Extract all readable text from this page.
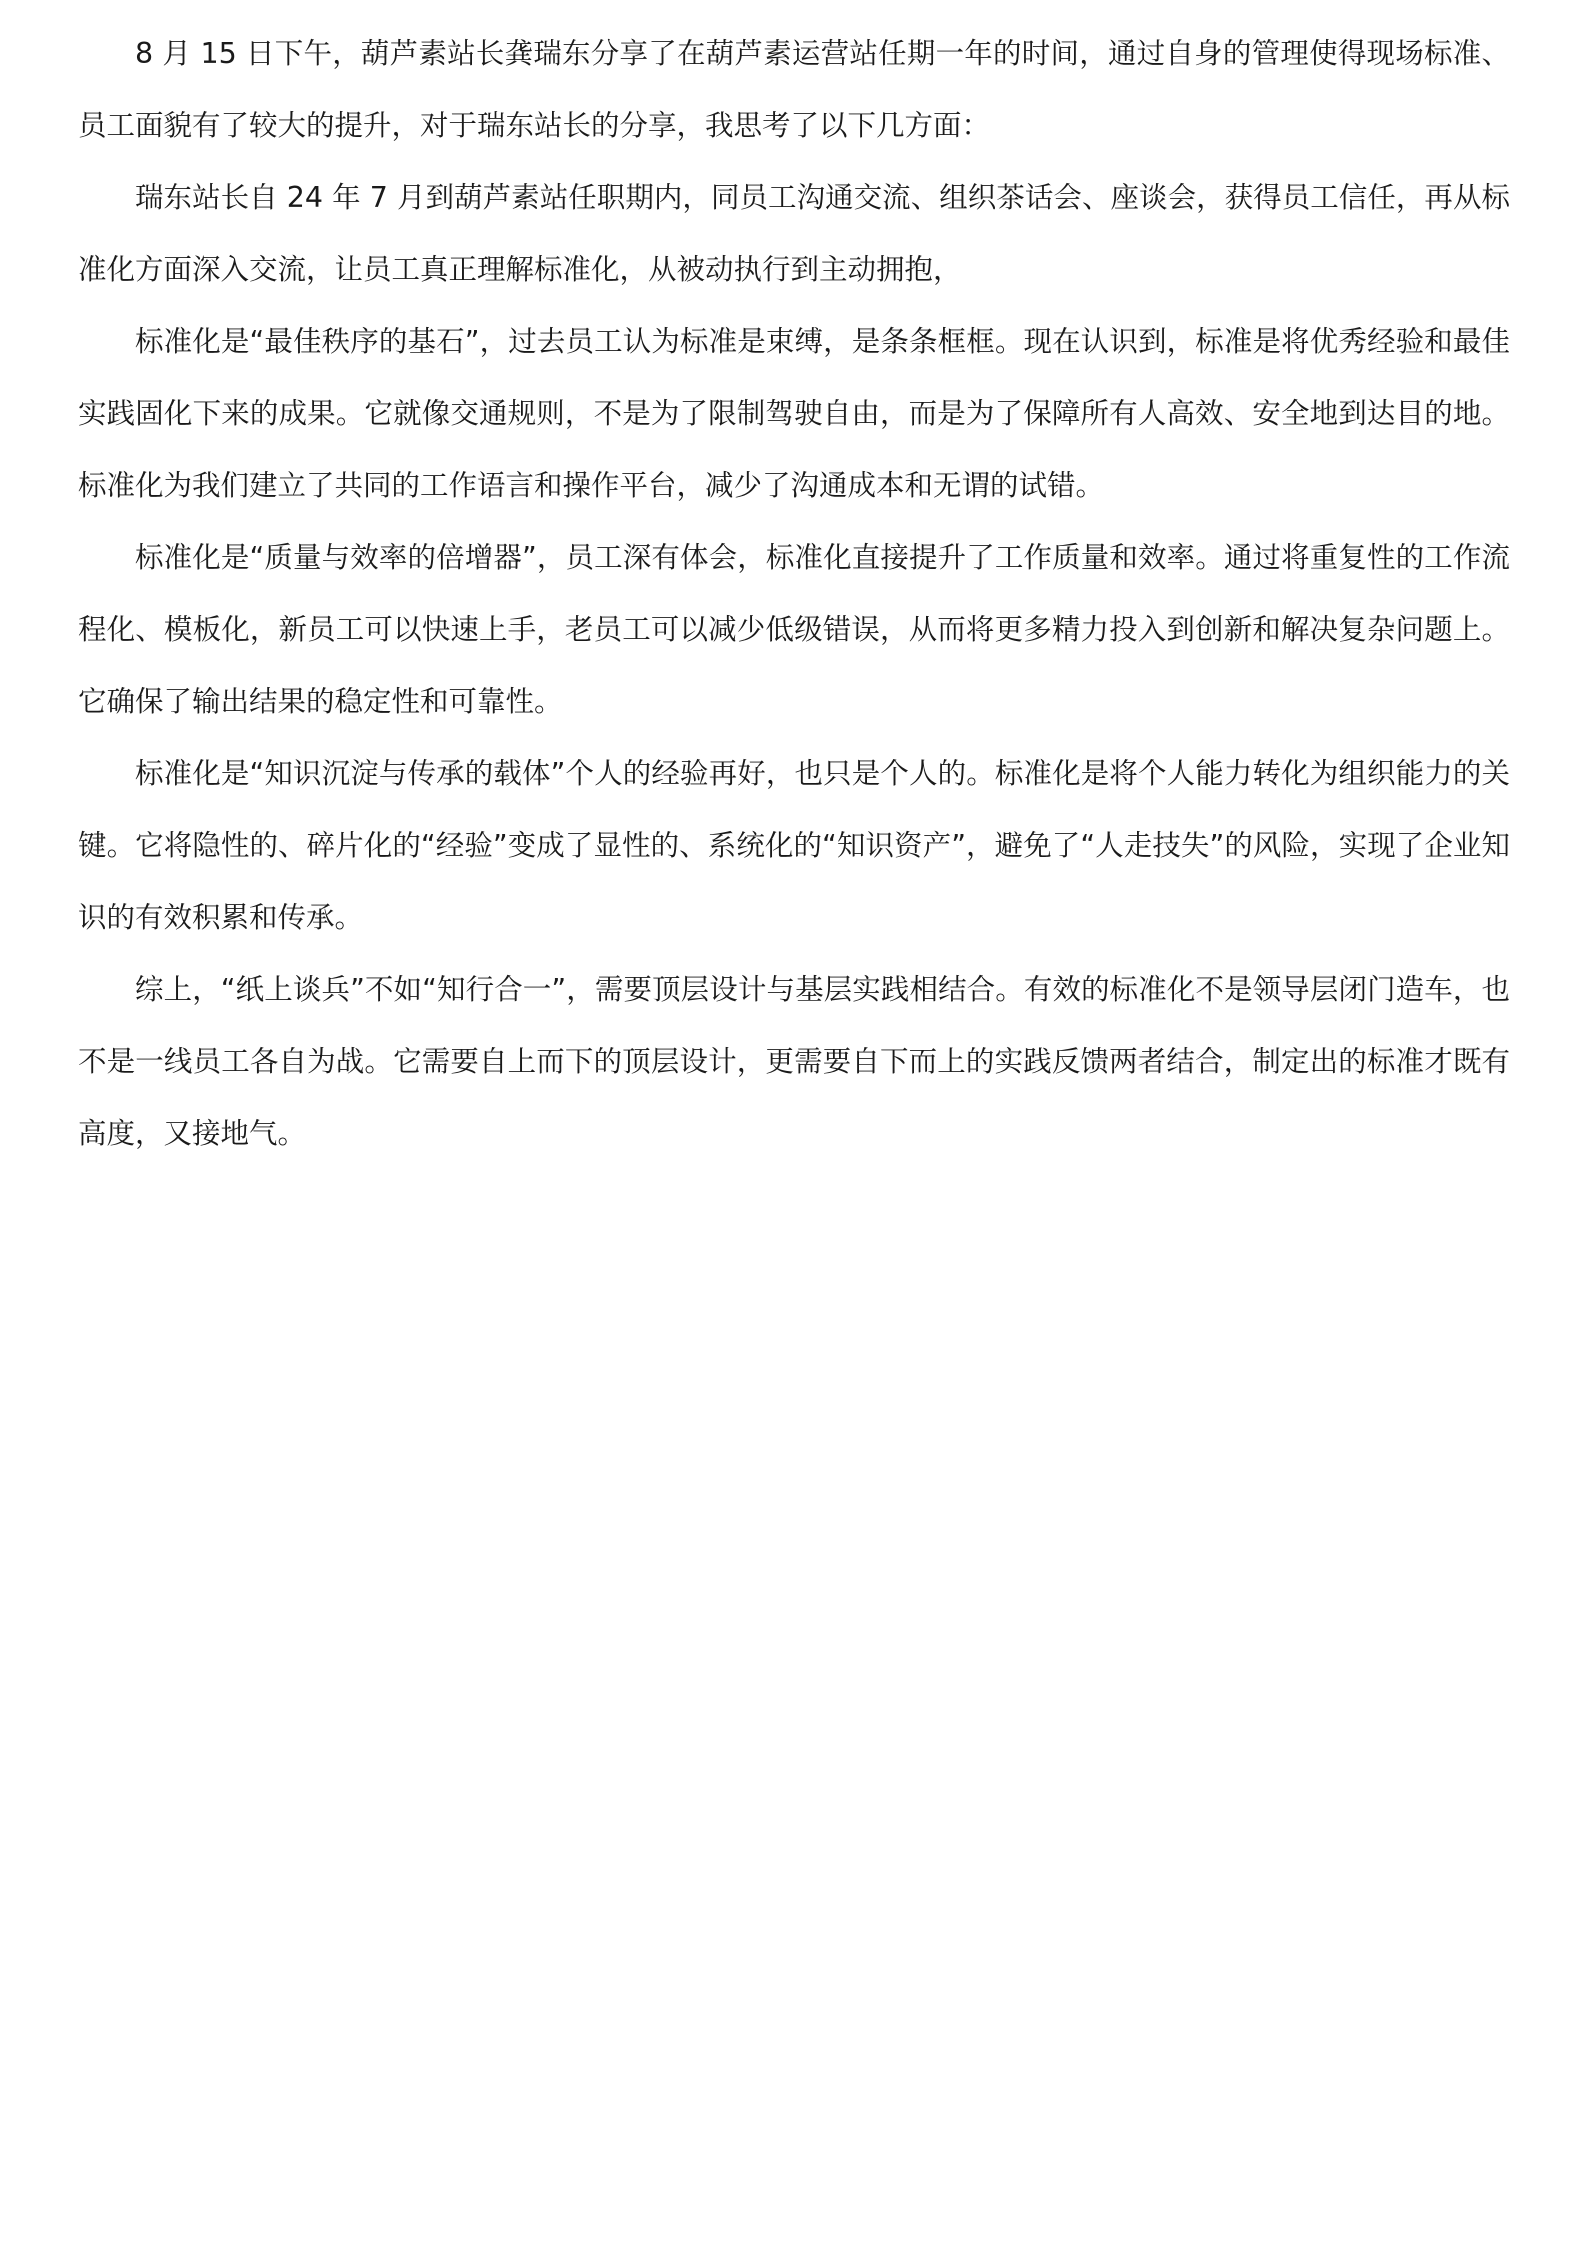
8 月 15 日下午，葫芦素站长龚瑞东分享了在葫芦素运营站任期一年的时间，通过自身的管理使得现场标准、员工面貌有了较大的提升，对于瑞东站长的分享，我思考了以下几方面：

瑞东站长自 24 年 7 月到葫芦素站任职期内，同员工沟通交流、组织茶话会、座谈会，获得员工信任，再从标准化方面深入交流，让员工真正理解标准化，从被动执行到主动拥抱，

标准化是“最佳秩序的基石”，过去员工认为标准是束缚，是条条框框。现在认识到，标准是将优秀经验和最佳实践固化下来的成果。它就像交通规则，不是为了限制驾驶自由，而是为了保障所有人高效、安全地到达目的地。标准化为我们建立了共同的工作语言和操作平台，减少了沟通成本和无谓的试错。

标准化是“质量与效率的倍增器”，员工深有体会，标准化直接提升了工作质量和效率。通过将重复性的工作流程化、模板化，新员工可以快速上手，老员工可以减少低级错误，从而将更多精力投入到创新和解决复杂问题上。它确保了输出结果的稳定性和可靠性。

标准化是“知识沉淀与传承的载体”个人的经验再好，也只是个人的。标准化是将个人能力转化为组织能力的关键。它将隐性的、碎片化的“经验”变成了显性的、系统化的“知识资产”，避免了“人走技失”的风险，实现了企业知识的有效积累和传承。

综上，“纸上谈兵”不如“知行合一”，需要顶层设计与基层实践相结合。有效的标准化不是领导层闭门造车，也不是一线员工各自为战。它需要自上而下的顶层设计，更需要自下而上的实践反馈两者结合，制定出的标准才既有高度，又接地气。
